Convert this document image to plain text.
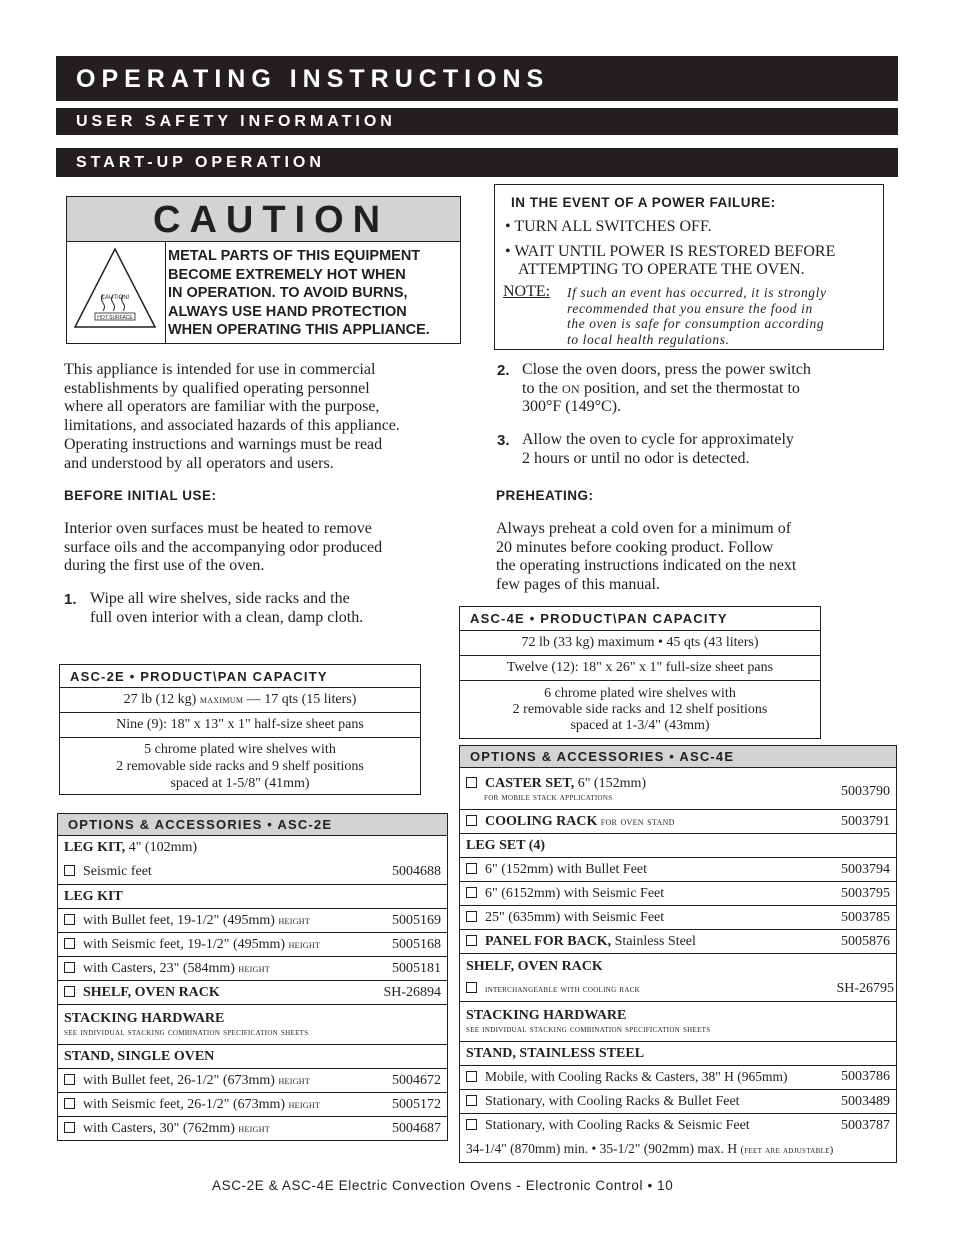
OPERATING INSTRUCTIONS
USER SAFETY INFORMATION
START-UP OPERATION
CAUTION
CAUTION!
HOT SURFACE
METAL PARTS OF THIS EQUIPMENT
BECOME EXTREMELY HOT WHEN
IN OPERATION. TO AVOID BURNS,
ALWAYS USE HAND PROTECTION
WHEN OPERATING THIS APPLIANCE.
This appliance is intended for use in commercial
establishments by qualified operating personnel
where all operators are familiar with the purpose,
limitations, and associated hazards of this appliance.
Operating instructions and warnings must be read
and understood by all operators and users.
BEFORE INITIAL USE:
Interior oven surfaces must be heated to remove
surface oils and the accompanying odor produced
during the first use of the oven.
1. Wipe all wire shelves, side racks and the
full oven interior with a clean, damp cloth.
IN THE EVENT OF A POWER FAILURE:
• TURN ALL SWITCHES OFF.
• WAIT UNTIL POWER IS RESTORED BEFORE
ATTEMPTING TO OPERATE THE OVEN.
NOTE: If such an event has occurred, it is strongly
recommended that you ensure the food in
the oven is safe for consumption according
to local health regulations.
2. Close the oven doors, press the power switch
to the ON position, and set the thermostat to
300°F (149°C).
3. Allow the oven to cycle for approximately
2 hours or until no odor is detected.
PREHEATING:
Always preheat a cold oven for a minimum of
20 minutes before cooking product. Follow
the operating instructions indicated on the next
few pages of this manual.
ASC-2E • PRODUCT\PAN CAPACITY
27 lb (12 kg) maximum — 17 qts (15 liters)
Nine (9): 18" x 13" x 1" half-size sheet pans

5 chrome plated wire shelves with
2 removable side racks and 9 shelf positions
spaced at 1-5/8" (41mm)
ASC-4E • PRODUCT\PAN CAPACITY
72 lb (33 kg) maximum • 45 qts (43 liters)
Twelve (12): 18" x 26" x 1" full-size sheet pans

6 chrome plated wire shelves with
2 removable side racks and 12 shelf positions
spaced at 1-3/4" (43mm)
OPTIONS & ACCESSORIES • ASC-2E

LEG KIT, 4" (102mm)
Seismic feet	5004688

LEG KIT

with Bullet feet, 19-1/2" (495mm) height	5005169

with Seismic feet, 19-1/2" (495mm) height	5005168

with Casters, 23" (584mm) height	5005181

SHELF, OVEN RACK	SH-26894

STACKING HARDWARE
see individual stacking combination specification sheets

STAND, SINGLE OVEN

with Bullet feet, 26-1/2" (673mm) height	5004672

with Seismic feet, 26-1/2" (673mm) height	5005172

with Casters, 30" (762mm) height	5004687
OPTIONS & ACCESSORIES • ASC-4E

CASTER SET, 6" (152mm)
for mobile stack applications	5003790

COOLING RACK for oven stand	5003791

LEG SET (4)

6" (152mm) with Bullet Feet	5003794

6" (6152mm) with Seismic Feet	5003795

25" (635mm) with Seismic Feet	5003785

PANEL FOR BACK, Stainless Steel	5005876

SHELF, OVEN RACK
interchangeable with cooling rack	SH-26795

STACKING HARDWARE
see individual stacking combination specification sheets

STAND, STAINLESS STEEL

Mobile, with Cooling Racks & Casters, 38" H (965mm)	5003786

Stationary, with Cooling Racks & Bullet Feet	5003489

Stationary, with Cooling Racks & Seismic Feet	5003787
34-1/4" (870mm) min. • 35-1/2" (902mm) max. H (feet are adjustable)
ASC-2E & ASC-4E Electric Convection Ovens - Electronic Control • 10
